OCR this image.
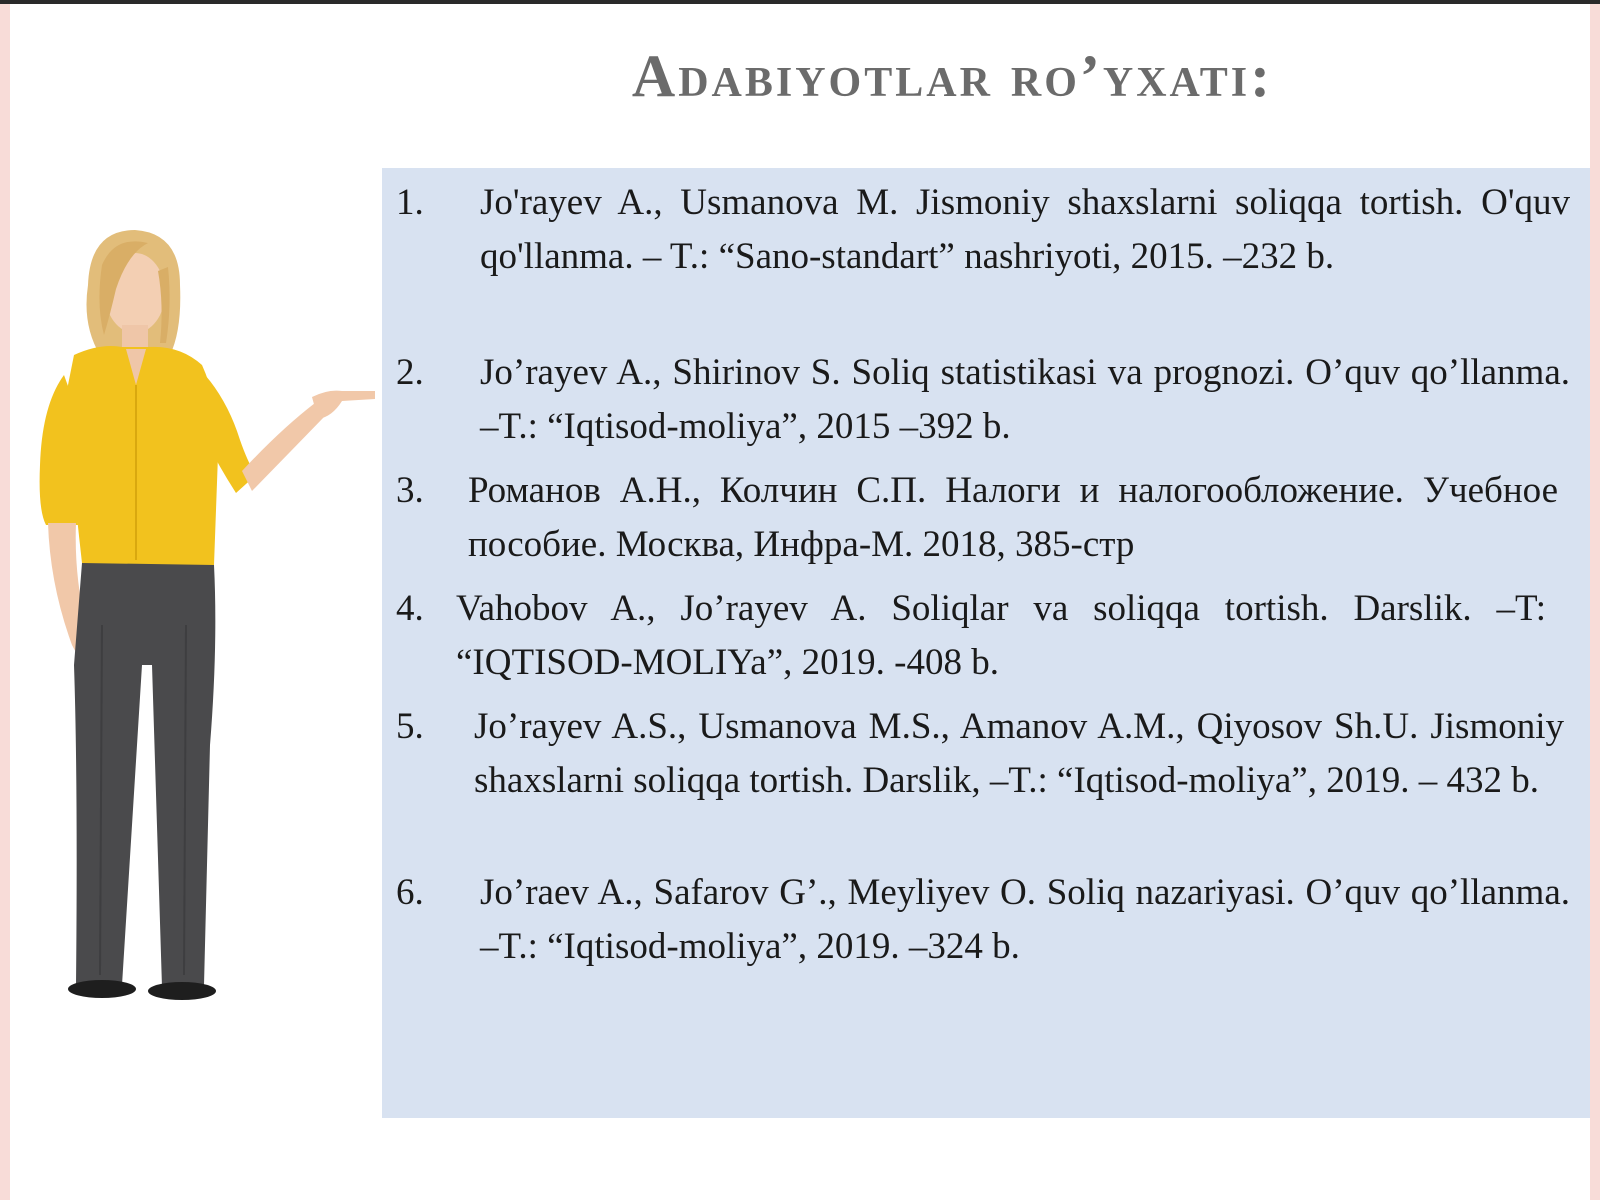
Adabiyotlar ro’yxati:
1. Jo'rayev A., Usmanova M. Jismoniy shaxslarni soliqqa tortish. O'quv qo'llanma. – T.: “Sano-standart” nashriyoti, 2015. –232 b.
2. Jo’rayev A., Shirinov S. Soliq statistikasi va prognozi. O’quv qo’llanma. –T.: “Iqtisod-moliya”, 2015 –392 b.
3. Романов А.Н., Колчин С.П. Налоги и налогообложение. Учебное пособие. Москва, Инфра-М. 2018, 385-стр
4. Vahobov A., Jo’rayev A. Soliqlar va soliqqa tortish. Darslik. –T: “IQTISOD-MOLIYa”, 2019. -408 b.
5. Jo’rayev A.S., Usmanova M.S., Amanov A.M., Qiyosov Sh.U. Jismoniy shaxslarni soliqqa tortish. Darslik, –T.: “Iqtisod-moliya”, 2019. – 432 b.
6. Jo’raev A., Safarov G’., Meyliyev O. Soliq nazariyasi. O’quv qo’llanma. –T.: “Iqtisod-moliya”, 2019. –324 b.
